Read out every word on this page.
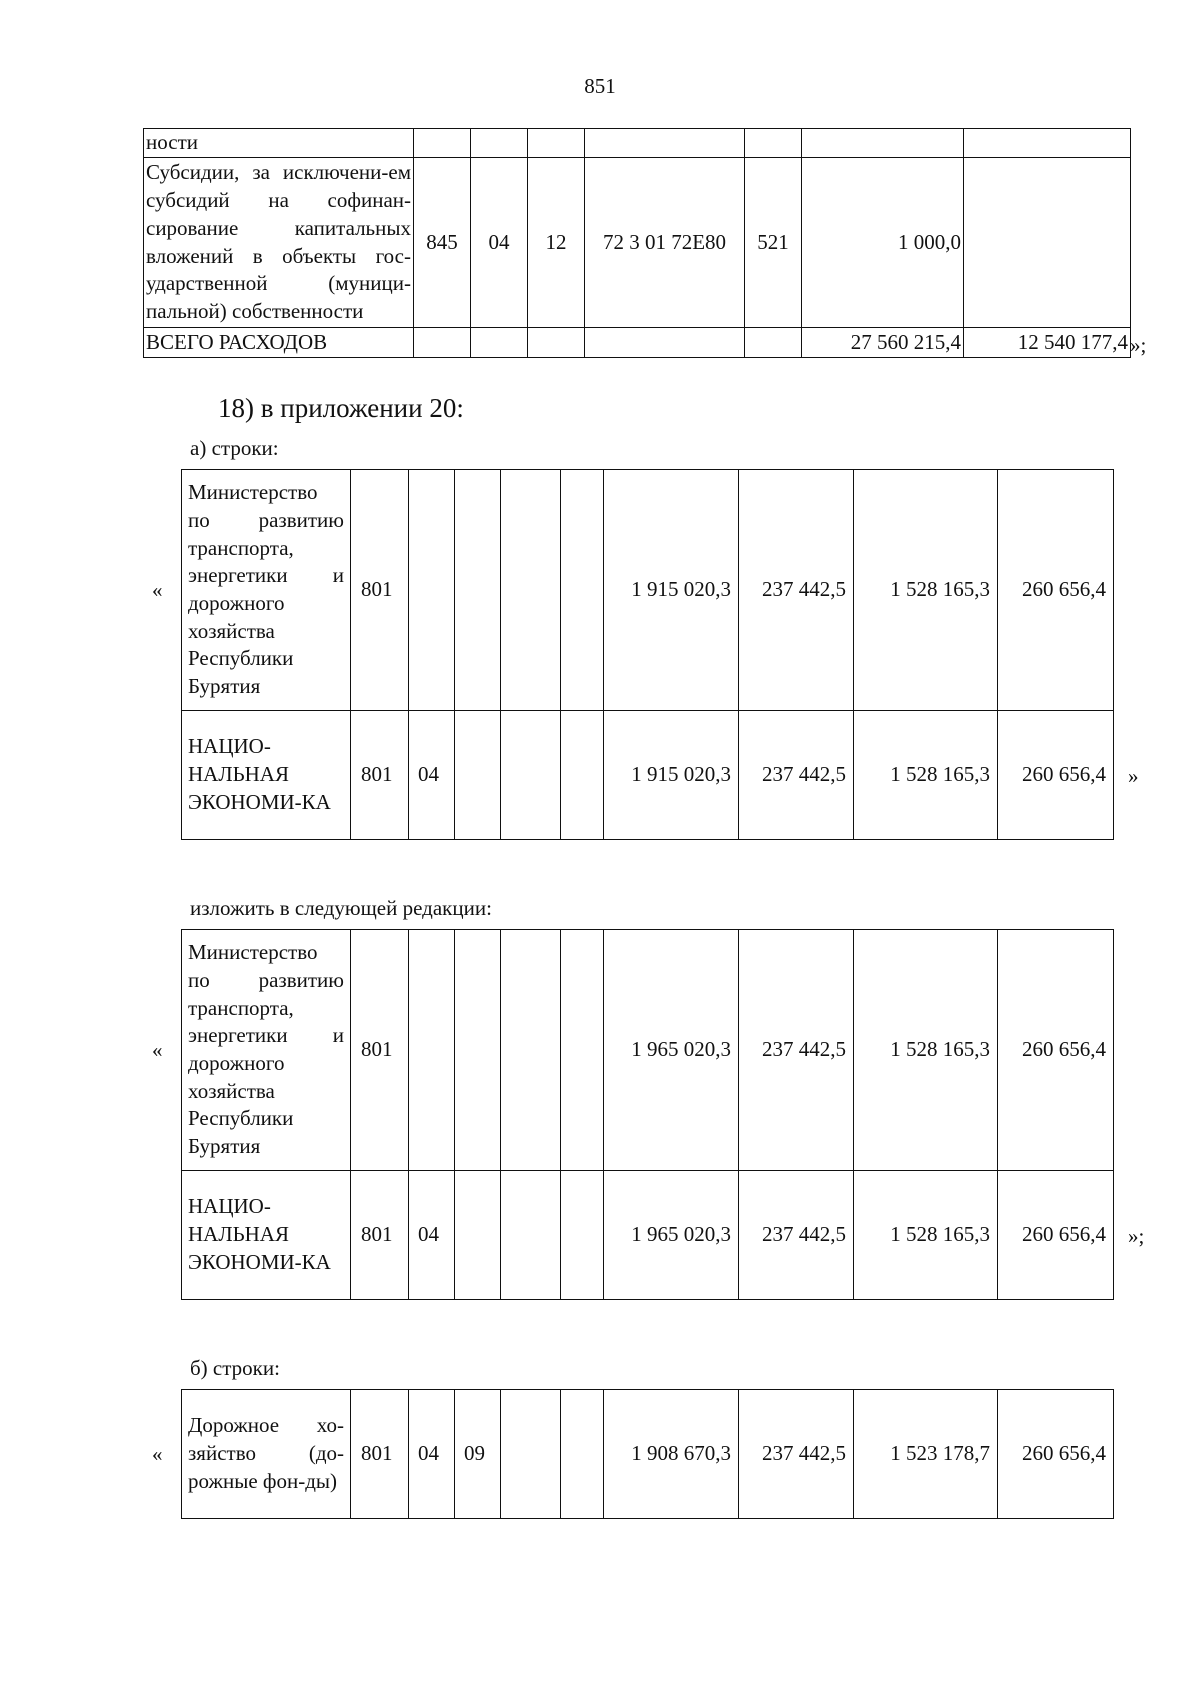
851
ности							
Субсидии, за исключени-ем субсидий на софинан-сирование капитальных вложений в объекты гос-ударственной (муници-пальной) собственности	845	04	12	72 3 01 72Е80	521	1 000,0	
ВСЕГО РАСХОДОВ						27 560 215,4	12 540 177,4 »;
18) в приложении 20:
а) строки:
«
Министерство по развитию транспорта, энергетики и дорожного хозяйства Республики Бурятия	801					1 915 020,3	237 442,5	1 528 165,3	260 656,4
НАЦИО-НАЛЬНАЯ ЭКОНОМИ-КА	801	04				1 915 020,3	237 442,5	1 528 165,3	260 656,4 »
изложить в следующей редакции:
«
Министерство по развитию транспорта, энергетики и дорожного хозяйства Республики Бурятия	801					1 965 020,3	237 442,5	1 528 165,3	260 656,4
НАЦИО-НАЛЬНАЯ ЭКОНОМИ-КА	801	04				1 965 020,3	237 442,5	1 528 165,3	260 656,4 »;
б) строки:
«
Дорожное хо-зяйство (до-рожные фон-ды)	801	04	09			1 908 670,3	237 442,5	1 523 178,7	260 656,4
